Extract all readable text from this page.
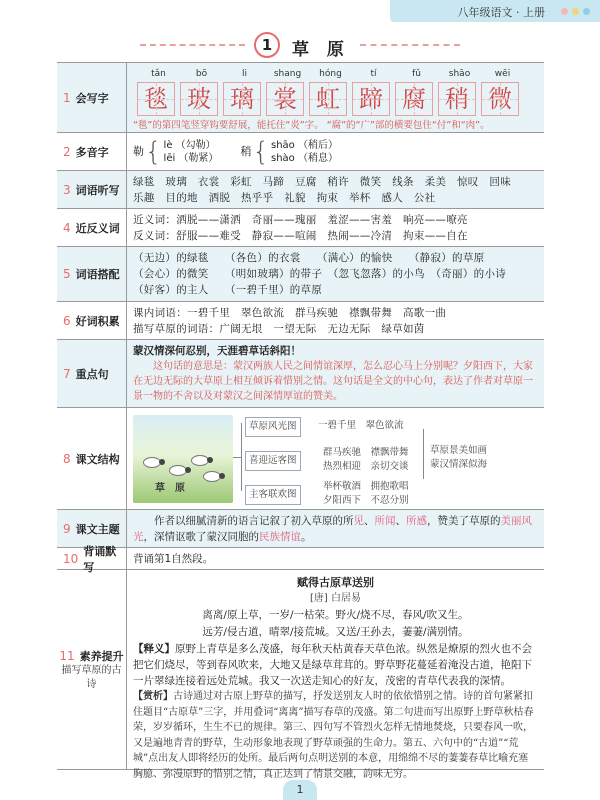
八年级语文 · 上册
1	草 原
1 会写字
tǎn	bō	li	shang	hóng	tí	fǔ	shāo	wēi
毯 玻 璃 裳 虹 蹄 腐 稍 微
“毯”的第四笔竖穿钩要舒展，能托住“炎”字。 “腐”的“广”部的横要包住“付”和“肉”。
2 多音字 勒 { lè （勾勒）
lēi （勒紧）
稍 { shāo （稍后）
shào （稍息）
3 词语听写
绿毯　玻璃　衣裳　彩虹　马蹄　豆腐　稍许　微笑　线条　柔美　惊叹　回味
乐趣　目的地　洒脱　热乎乎　礼貌　拘束　举杯　感人　公社
4 近反义词
近义词：洒脱——潇洒　奇丽——瑰丽　羞涩——害羞　响亮——嘹亮
反义词：舒服——难受　静寂——喧闹　热闹——冷清　拘束——自在
5 词语搭配
（无边）的绿毯　　（各色）的衣裳　　（满心）的愉快　　（静寂）的草原
（会心）的微笑　　（明如玻璃）的带子　（忽飞忽落）的小鸟　（奇丽）的小诗
（好客）的主人　　（一碧千里）的草原
6 好词积累
课内词语：一碧千里　翠色欲流　群马疾驰　襟飘带舞　高歌一曲
描写草原的词语：广阔无垠　一望无际　无边无际　绿草如茵
7 重点句
蒙汉情深何忍别，天涯碧草话斜阳！
这句话的意思是：蒙汉两族人民之间情谊深厚，怎么忍心马上分别呢？夕阳西下，大家在无边无际的大草原上相互倾诉着惜别之情。这句话是全文的中心句，表达了作者对草原一景一物的不舍以及对蒙汉之间深情厚谊的赞美。
8 课文结构
草　原
草原风光图
喜迎远客图
主客联欢图
一碧千里　翠色欲流
群马疾驰　襟飘带舞
热烈相迎　亲切交谈
举杯敬酒　拥抱歌唱
夕阳西下　不忍分别
草原景美如画
蒙汉情深似海
9 课文主题
作者以细腻清新的语言记叙了初入草原的所见、所闻、所感，赞美了草原的美丽风光，深情讴歌了蒙汉同胞的民族情谊。
10
背诵默写
背诵第1自然段。
11 素养提升
描写草原的古诗
赋得古原草送别
[唐] 白居易
离离/原上草，一岁/一枯荣。野火/烧不尽，春风/吹又生。
远芳/侵古道，晴翠/接荒城。又送/王孙去，萋萋/满别情。
【释义】原野上青草是多么茂盛，每年秋天枯黄春天草色浓。纵然是燎原的烈火也不会把它们烧尽，等到春风吹来，大地又是绿草茸茸的。野草野花蔓延着淹没古道，艳阳下一片翠绿连接着远处荒城。我又一次送走知心的好友，茂密的青草代表我的深情。
【赏析】古诗通过对古原上野草的描写，抒发送别友人时的依依惜别之情。诗的首句紧紧扣住题目“古原草”三字，并用叠词“离离”描写春草的茂盛。第二句进而写出原野上野草秋枯春荣，岁岁循环，生生不已的规律。第三、四句写不管烈火怎样无情地焚烧，只要春风一吹，又是遍地青青的野草，生动形象地表现了野草顽强的生命力。第五、六句中的“古道”“荒城”点出友人即将经历的处所。最后两句点明送别的本意，用绵绵不尽的萋萋春草比喻充塞胸臆、弥漫原野的惜别之情，真正达到了情景交融，韵味无穷。
1
